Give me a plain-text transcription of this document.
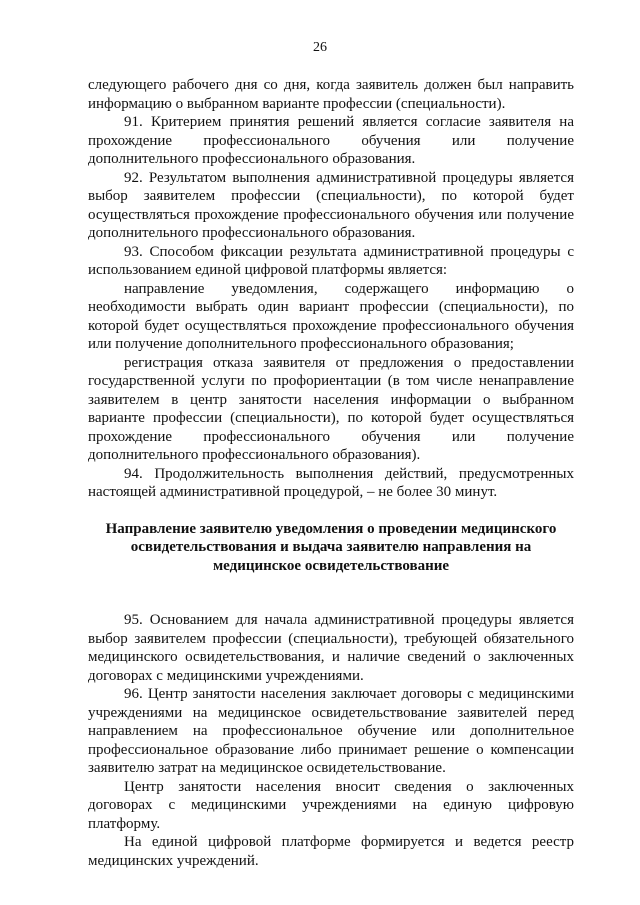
26

следующего рабочего дня со дня, когда заявитель должен был направить информацию о выбранном варианте профессии (специальности).

91. Критерием принятия решений является согласие заявителя на прохождение профессионального обучения или получение дополнительного профессионального образования.

92. Результатом выполнения административной процедуры является выбор заявителем профессии (специальности), по которой будет осуществляться прохождение профессионального обучения или получение дополнительного профессионального образования.

93. Способом фиксации результата административной процедуры с использованием единой цифровой платформы является:

направление уведомления, содержащего информацию о необходимости выбрать один вариант профессии (специальности), по которой будет осуществляться прохождение профессионального обучения или получение дополнительного профессионального образования;

регистрация отказа заявителя от предложения о предоставлении государственной услуги по профориентации (в том числе ненаправление заявителем в центр занятости населения информации о выбранном варианте профессии (специальности), по которой будет осуществляться прохождение профессионального обучения или получение дополнительного профессионального образования).

94. Продолжительность выполнения действий, предусмотренных настоящей административной процедурой, – не более 30 минут.

Направление заявителю уведомления о проведении медицинского освидетельствования и выдача заявителю направления на медицинское освидетельствование

95. Основанием для начала административной процедуры является выбор заявителем профессии (специальности), требующей обязательного медицинского освидетельствования, и наличие сведений о заключенных договорах с медицинскими учреждениями.

96. Центр занятости населения заключает договоры с медицинскими учреждениями на медицинское освидетельствование заявителей перед направлением на профессиональное обучение или дополнительное профессиональное образование либо принимает решение о компенсации заявителю затрат на медицинское освидетельствование.

Центр занятости населения вносит сведения о заключенных договорах с медицинскими учреждениями на единую цифровую платформу.

На единой цифровой платформе формируется и ведется реестр медицинских учреждений.
